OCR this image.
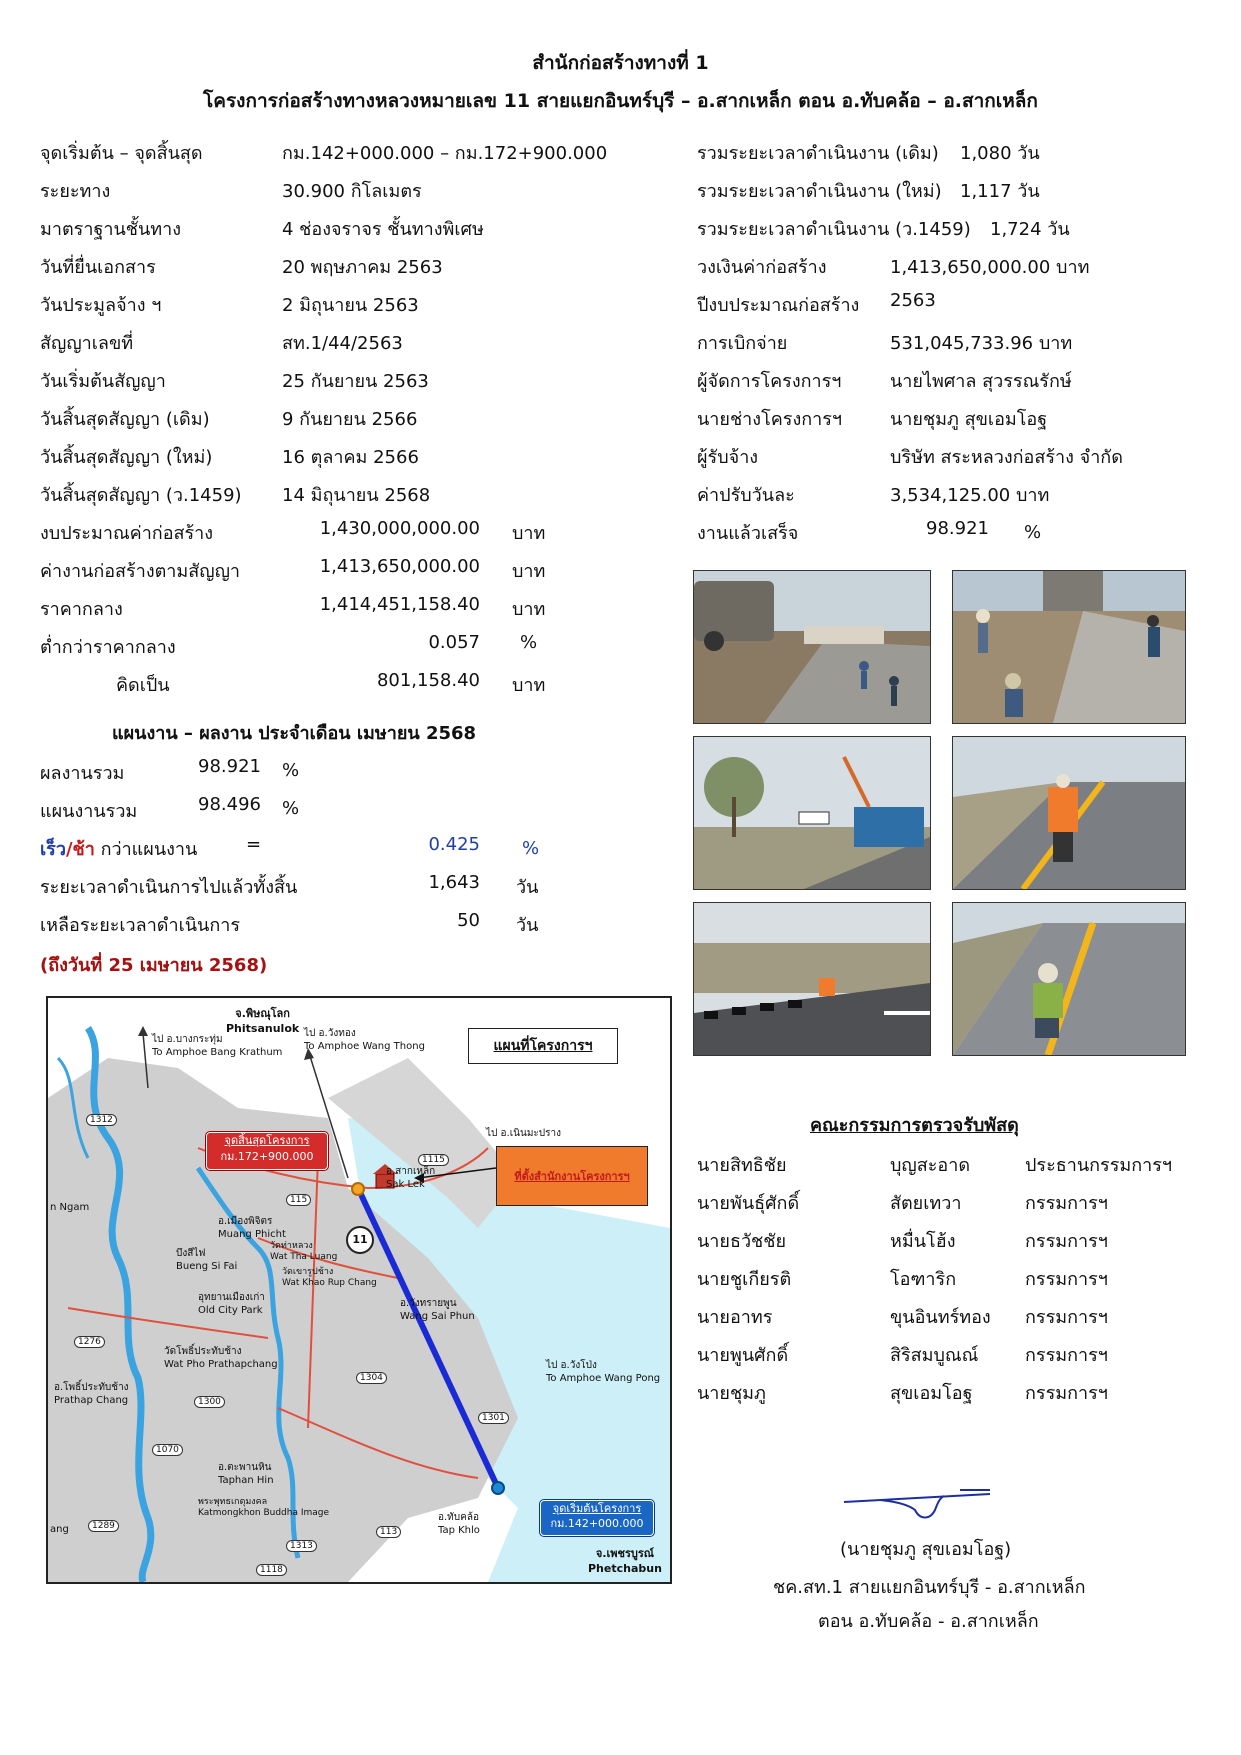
สำนักก่อสร้างทางที่ 1
โครงการก่อสร้างทางหลวงหมายเลข 11 สายแยกอินทร์บุรี – อ.สากเหล็ก ตอน อ.ทับคล้อ – อ.สากเหล็ก
จุดเริ่มต้น – จุดสิ้นสุด	กม.142+000.000 – กม.172+900.000
ระยะทาง	30.900 กิโลเมตร
มาตราฐานชั้นทาง	4 ช่องจราจร ชั้นทางพิเศษ
วันที่ยื่นเอกสาร	20 พฤษภาคม 2563
วันประมูลจ้าง ฯ	2 มิถุนายน 2563
สัญญาเลขที่	สท.1/44/2563
วันเริ่มต้นสัญญา	25 กันยายน 2563
วันสิ้นสุดสัญญา (เดิม)	9 กันยายน 2566
วันสิ้นสุดสัญญา (ใหม่)	16 ตุลาคม 2566
วันสิ้นสุดสัญญา (ว.1459) 14 มิถุนายน 2568
งบประมาณค่าก่อสร้าง	1,430,000,000.00 บาท
ค่างานก่อสร้างตามสัญญา	1,413,650,000.00 บาท
ราคากลาง	1,414,451,158.40 บาท
ต่ำกว่าราคากลาง	0.057 %
คิดเป็น	801,158.40 บาท
รวมระยะเวลาดำเนินงาน (เดิม) 1,080 วัน
รวมระยะเวลาดำเนินงาน (ใหม่) 1,117 วัน
รวมระยะเวลาดำเนินงาน (ว.1459) 1,724 วัน
วงเงินค่าก่อสร้าง	1,413,650,000.00 บาท
ปีงบประมาณก่อสร้าง 2563
การเบิกจ่าย	531,045,733.96 บาท
ผู้จัดการโครงการฯ	นายไพศาล สุวรรณรักษ์
นายช่างโครงการฯ	นายชุมภู สุขเอมโอฐ
ผู้รับจ้าง	บริษัท สระหลวงก่อสร้าง จำกัด
ค่าปรับวันละ	3,534,125.00 บาท
งานแล้วเสร็จ	98.921 %
แผนงาน – ผลงาน ประจำเดือน เมษายน 2568
ผลงานรวม	98.921 %
แผนงานรวม	98.496 %
เร็ว/ช้า กว่าแผนงาน	=	0.425 %
ระยะเวลาดำเนินการไปแล้วทั้งสิ้น	1,643 วัน
เหลือระยะเวลาดำเนินการ	50 วัน
(ถึงวันที่ 25 เมษายน 2568)
แผนที่โครงการฯ
ที่ตั้งสำนักงานโครงการฯ
จุดสิ้นสุดโครงการ
กม.172+900.000
จุดเริ่มต้นโครงการ
กม.142+000.000
จ.พิษณุโลก
Phitsanulok
ไป อ.บางกระทุ่ม
To Amphoe Bang Krathum
ไป อ.วังทอง
To Amphoe Wang Thong
ไป อ.เนินมะปราง
อ.สากเหล็ก
Sak Lek
อ.เมืองพิจิตร
Muang Phicht
บึงสีไฟ
Bueng Si Fai
วัดท่าหลวง
Wat Tha Luang
วัดเขารูปช้าง
Wat Khao Rup Chang
อุทยานเมืองเก่า
Old City Park
อ.วังทรายพูน
Wang Sai Phun
วัดโพธิ์ประทับช้าง
Wat Pho Prathapchang
อ.โพธิ์ประทับช้าง
Prathap Chang
ไป อ.วังโป่ง
To Amphoe Wang Pong
อ.ตะพานหิน
Taphan Hin
พระพุทธเกตุมงคล
Katmongkhon Buddha Image	อ.ทับคล้อ
Tap Khlo
จ.เพชรบูรณ์
Phetchabun
n Ngam
ang
11
1312
1115
115
1276
1304
1300
1301
1070
113
1289
1313
1118
คณะกรรมการตรวจรับพัสดุ
นายสิทธิชัย	บุญสะอาด	ประธานกรรมการฯ
นายพันธุ์ศักดิ์	สัตยเทวา	กรรมการฯ
นายธวัชชัย	หมื่นโฮ้ง	กรรมการฯ
นายชูเกียรติ	โอฑาริก	กรรมการฯ
นายอาทร	ขุนอินทร์ทอง กรรมการฯ
นายพูนศักดิ์	สิริสมบูณณ์	กรรมการฯ
นายชุมภู	สุขเอมโอฐ	กรรมการฯ
(นายชุมภู สุขเอมโอฐ)
ชค.สท.1 สายแยกอินทร์บุรี - อ.สากเหล็ก
ตอน อ.ทับคล้อ - อ.สากเหล็ก
